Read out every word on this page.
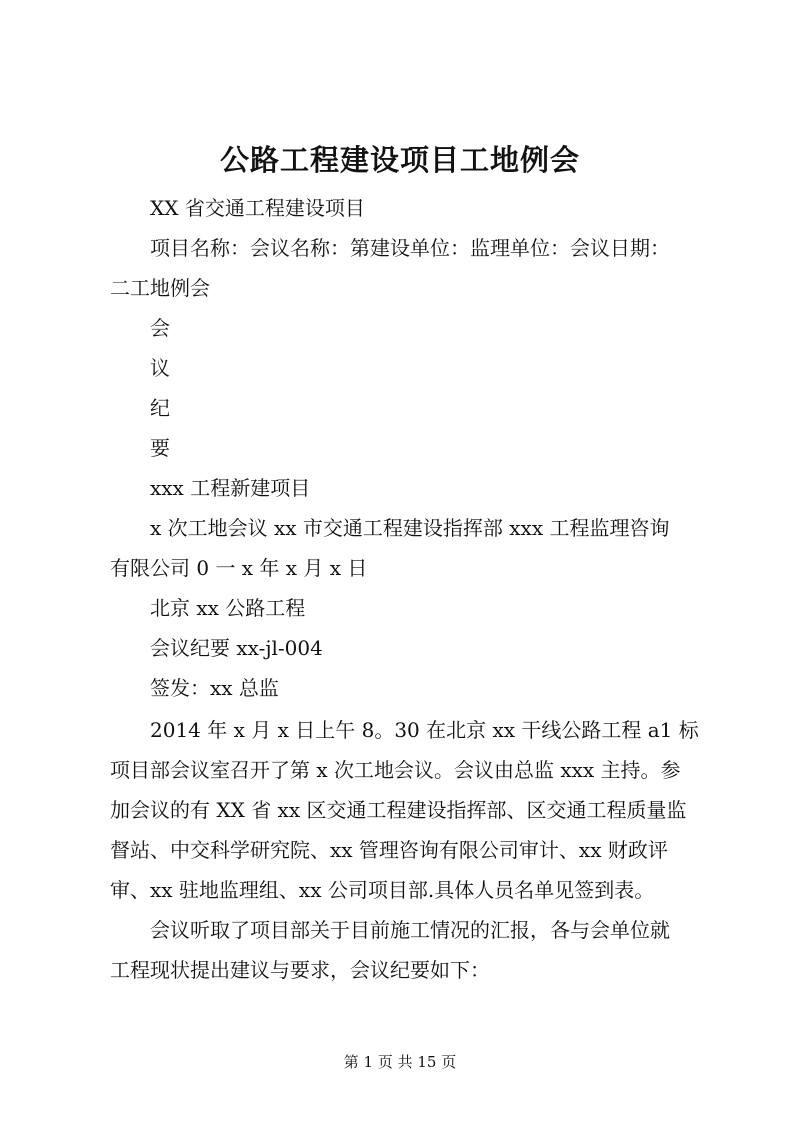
公路工程建设项目工地例会
XX 省交通工程建设项目
项目名称：会议名称：第建设单位：监理单位：会议日期：
二工地例会
会
议
纪
要
xxx 工程新建项目
x 次工地会议 xx 市交通工程建设指挥部 xxx 工程监理咨询
有限公司 0 一 x 年 x 月 x 日
北京 xx 公路工程
会议纪要 xx-jl-004
签发：xx 总监
2014 年 x 月 x 日上午 8。30 在北京 xx 干线公路工程 a1 标
项目部会议室召开了第 x 次工地会议。会议由总监 xxx 主持。参
加会议的有 XX 省 xx 区交通工程建设指挥部、区交通工程质量监
督站、中交科学研究院、xx 管理咨询有限公司审计、xx 财政评
审、xx 驻地监理组、xx 公司项目部.具体人员名单见签到表。
会议听取了项目部关于目前施工情况的汇报，各与会单位就
工程现状提出建议与要求，会议纪要如下：
第 1 页 共 15 页
